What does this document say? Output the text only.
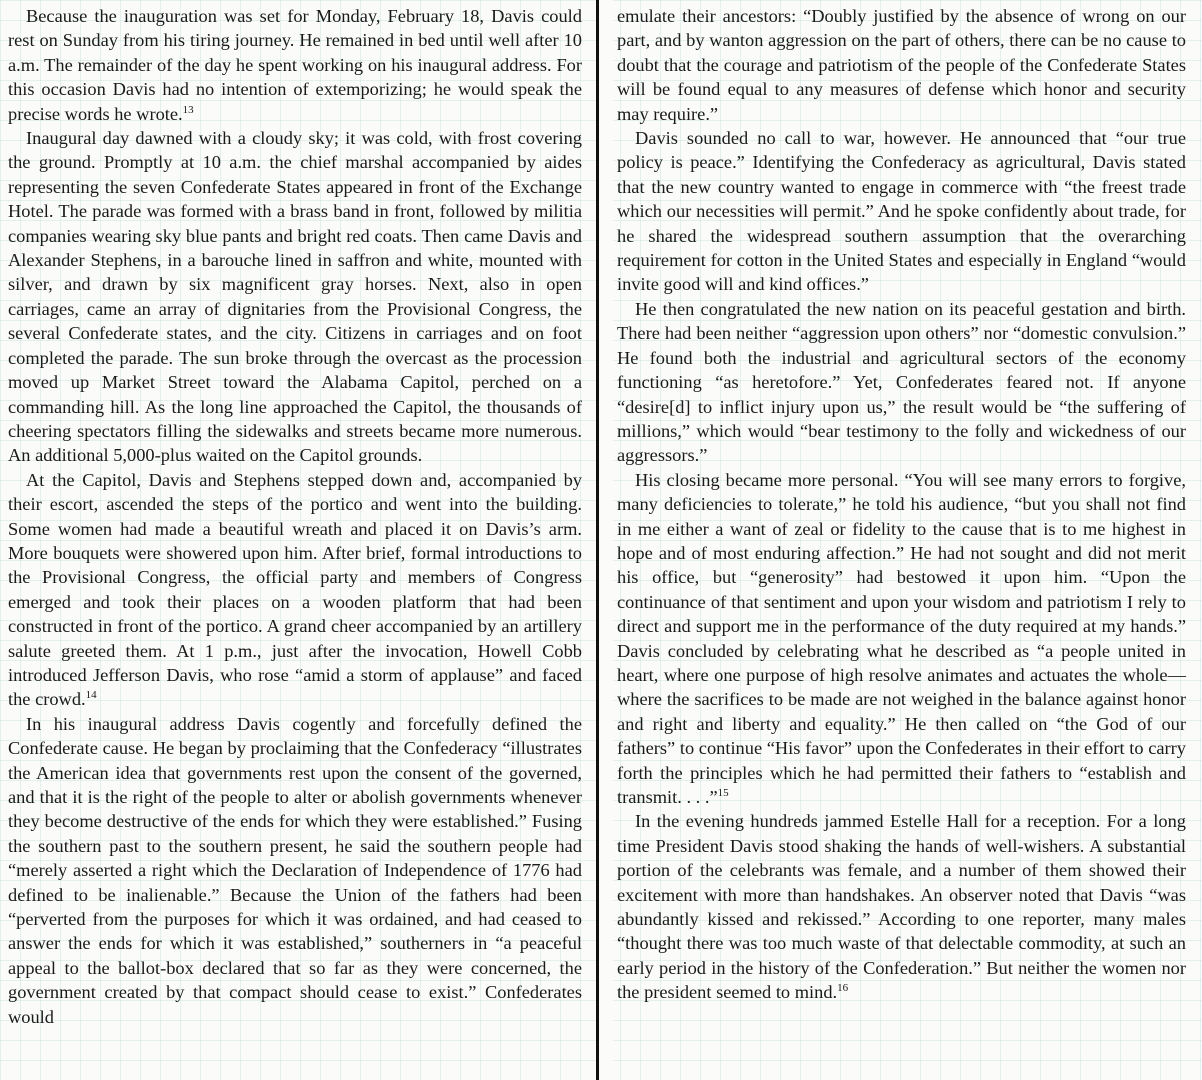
Because the inauguration was set for Monday, February 18, Davis could rest on Sunday from his tiring journey. He remained in bed until well after 10 a.m. The remainder of the day he spent working on his inaugural address. For this occasion Davis had no intention of extemporizing; he would speak the precise words he wrote.$^{13}$

Inaugural day dawned with a cloudy sky; it was cold, with frost covering the ground. Promptly at 10 a.m. the chief marshal accompanied by aides representing the seven Confederate States appeared in front of the Exchange Hotel. The parade was formed with a brass band in front, followed by militia companies wearing sky blue pants and bright red coats. Then came Davis and Alexander Stephens, in a barouche lined in saffron and white, mounted with silver, and drawn by six magnificent gray horses. Next, also in open carriages, came an array of dignitaries from the Provisional Congress, the several Confederate states, and the city. Citizens in carriages and on foot completed the parade. The sun broke through the overcast as the procession moved up Market Street toward the Alabama Capitol, perched on a commanding hill. As the long line approached the Capitol, the thousands of cheering spectators filling the sidewalks and streets became more numerous. An additional 5,000-plus waited on the Capitol grounds.

At the Capitol, Davis and Stephens stepped down and, accompanied by their escort, ascended the steps of the portico and went into the building. Some women had made a beautiful wreath and placed it on Davis’s arm. More bouquets were showered upon him. After brief, formal introductions to the Provisional Congress, the official party and members of Congress emerged and took their places on a wooden platform that had been constructed in front of the portico. A grand cheer accompanied by an artillery salute greeted them. At 1 p.m., just after the invocation, Howell Cobb introduced Jefferson Davis, who rose “amid a storm of applause” and faced the crowd.$^{14}$

In his inaugural address Davis cogently and forcefully defined the Confederate cause. He began by proclaiming that the Confederacy “illustrates the American idea that governments rest upon the consent of the governed, and that it is the right of the people to alter or abolish governments whenever they become destructive of the ends for which they were established.” Fusing the southern past to the southern present, he said the southern people had “merely asserted a right which the Declaration of Independence of 1776 had defined to be inalienable.” Because the Union of the fathers had been “perverted from the purposes for which it was ordained, and had ceased to answer the ends for which it was established,” southerners in “a peaceful appeal to the ballot-box declared that so far as they were concerned, the government created by that compact should cease to exist.” Confederates would

emulate their ancestors: “Doubly justified by the absence of wrong on our part, and by wanton aggression on the part of others, there can be no cause to doubt that the courage and patriotism of the people of the Confederate States will be found equal to any measures of defense which honor and security may require.”

Davis sounded no call to war, however. He announced that “our true policy is peace.” Identifying the Confederacy as agricultural, Davis stated that the new country wanted to engage in commerce with “the freest trade which our necessities will permit.” And he spoke confidently about trade, for he shared the widespread southern assumption that the overarching requirement for cotton in the United States and especially in England “would invite good will and kind offices.”

He then congratulated the new nation on its peaceful gestation and birth. There had been neither “aggression upon others” nor “domestic convulsion.” He found both the industrial and agricultural sectors of the economy functioning “as heretofore.” Yet, Confederates feared not. If anyone “desire[d] to inflict injury upon us,” the result would be “the suffering of millions,” which would “bear testimony to the folly and wickedness of our aggressors.”

His closing became more personal. “You will see many errors to forgive, many deficiencies to tolerate,” he told his audience, “but you shall not find in me either a want of zeal or fidelity to the cause that is to me highest in hope and of most enduring affection.” He had not sought and did not merit his office, but “generosity” had bestowed it upon him. “Upon the continuance of that sentiment and upon your wisdom and patriotism I rely to direct and support me in the performance of the duty required at my hands.” Davis concluded by celebrating what he described as “a people united in heart, where one purpose of high resolve animates and actuates the whole—where the sacrifices to be made are not weighed in the balance against honor and right and liberty and equality.” He then called on “the God of our fathers” to continue “His favor” upon the Confederates in their effort to carry forth the principles which he had permitted their fathers to “establish and transmit. . . .”$^{15}$

In the evening hundreds jammed Estelle Hall for a reception. For a long time President Davis stood shaking the hands of well-wishers. A substantial portion of the celebrants was female, and a number of them showed their excitement with more than handshakes. An observer noted that Davis “was abundantly kissed and rekissed.” According to one reporter, many males “thought there was too much waste of that delectable commodity, at such an early period in the history of the Confederation.” But neither the women nor the president seemed to mind.$^{16}$
